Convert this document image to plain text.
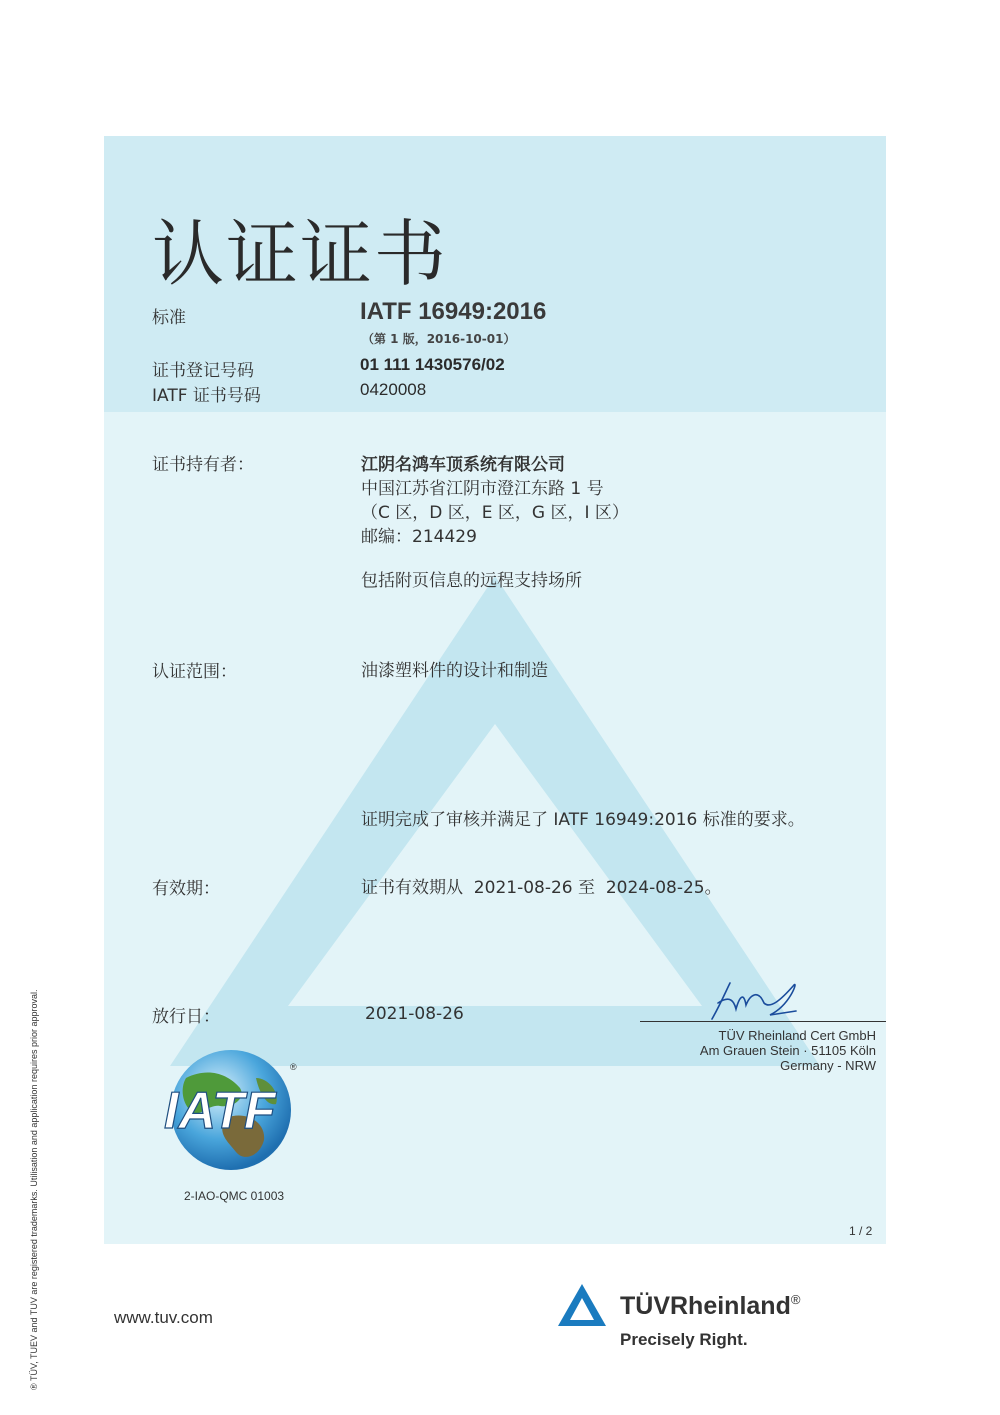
认证证书
标准	IATF 16949:2016
（第 1 版，2016-10-01）
证书登记号码	01 111 1430576/02
IATF 证书号码	0420008
证书持有者：	江阴名鸿车顶系统有限公司
中国江苏省江阴市澄江东路 1 号
（C 区，D 区，E 区，G 区，I 区）
邮编：214429
包括附页信息的远程支持场所
认证范围：	油漆塑料件的设计和制造
证明完成了审核并满足了 IATF 16949:2016 标准的要求。
有效期：	证书有效期从  2021-08-26 至  2024-08-25。
放行日：	2021-08-26
TÜV Rheinland Cert GmbH
Am Grauen Stein · 51105 Köln
Germany - NRW
IATF
®
2-IAO-QMC 01003
1 / 2
www.tuv.com	TÜVRheinland®
Precisely Right.
® TÜV, TUEV and TUV are registered trademarks. Utilisation and application requires prior approval.
